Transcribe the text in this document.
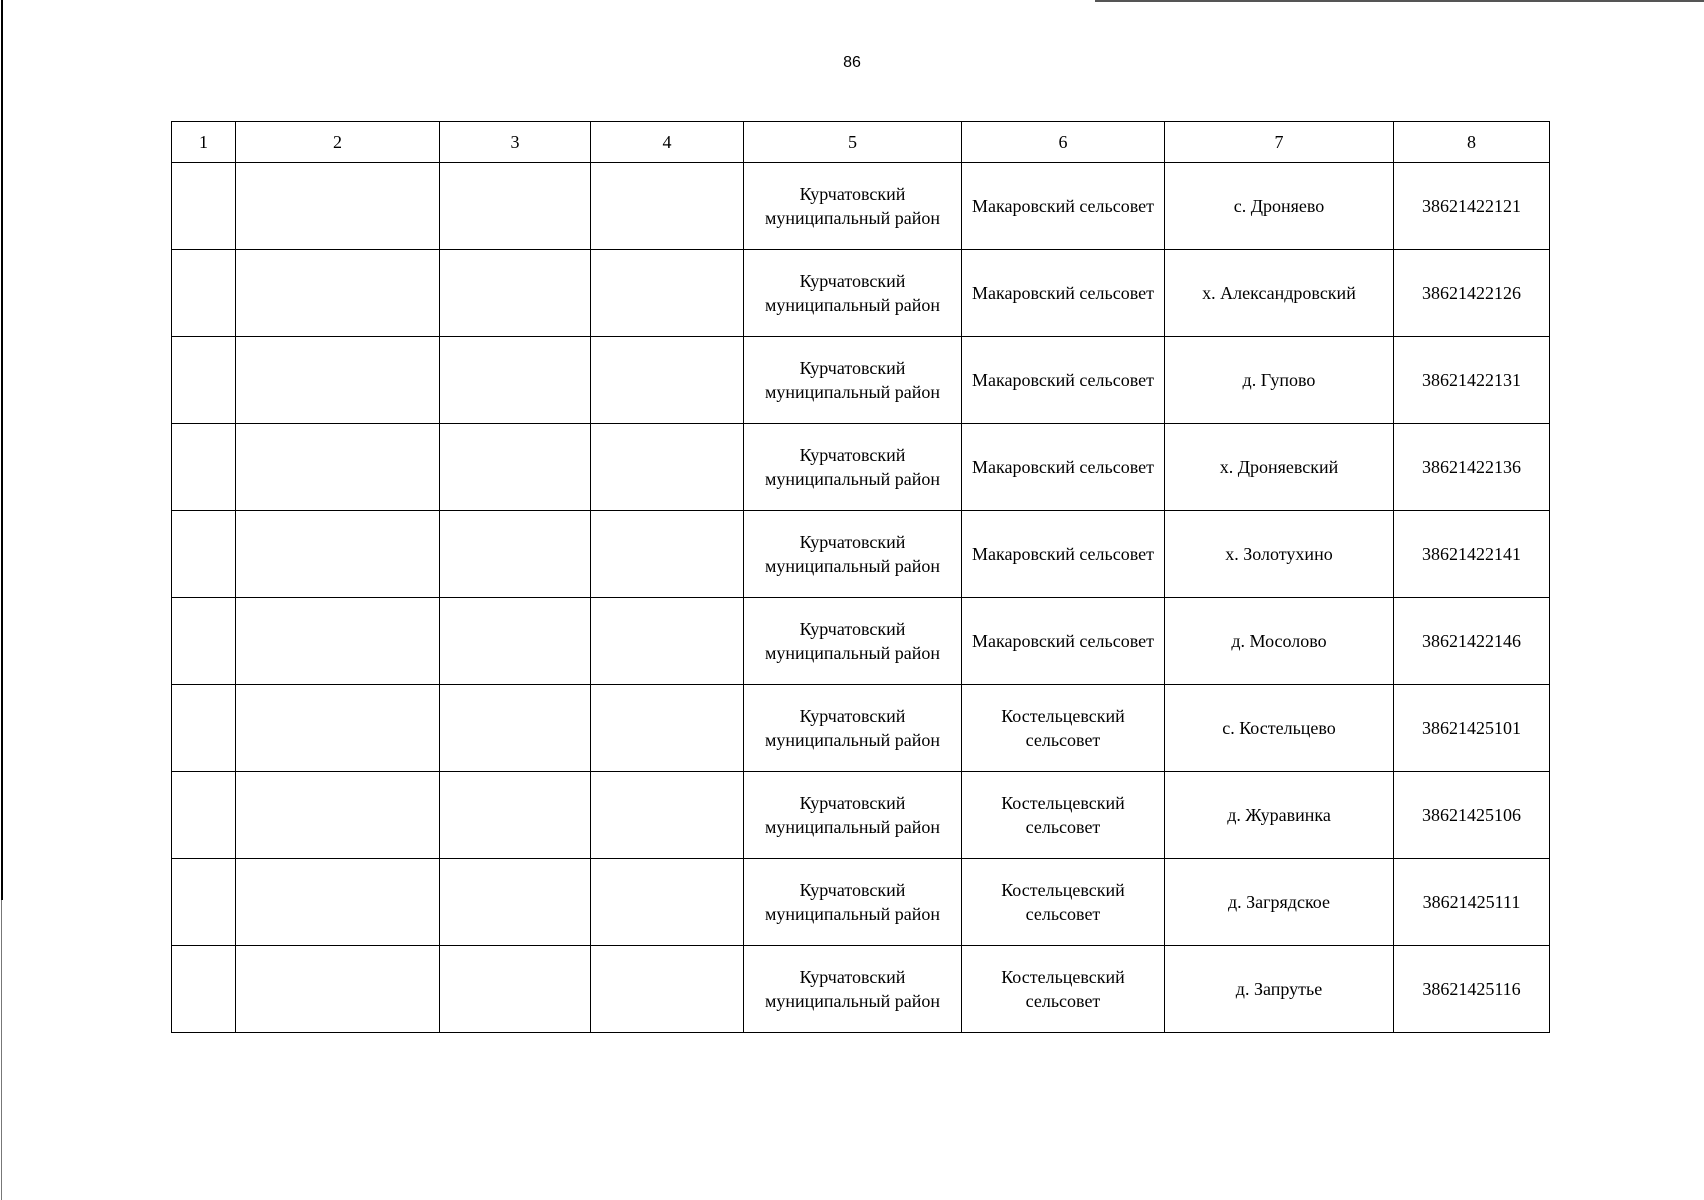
86
1	2	3	4	5	6	7	8
				Курчатовский муниципальный район	Макаровский сельсовет	с. Дроняево	38621422121
				Курчатовский муниципальный район	Макаровский сельсовет	х. Александровский	38621422126
				Курчатовский муниципальный район	Макаровский сельсовет	д. Гупово	38621422131
				Курчатовский муниципальный район	Макаровский сельсовет	х. Дроняевский	38621422136
				Курчатовский муниципальный район	Макаровский сельсовет	х. Золотухино	38621422141
				Курчатовский муниципальный район	Макаровский сельсовет	д. Мосолово	38621422146
				Курчатовский муниципальный район	Костельцевский сельсовет	с. Костельцево	38621425101
				Курчатовский муниципальный район	Костельцевский сельсовет	д. Журавинка	38621425106
				Курчатовский муниципальный район	Костельцевский сельсовет	д. Загрядское	38621425111
				Курчатовский муниципальный район	Костельцевский сельсовет	д. Запрутье	38621425116
